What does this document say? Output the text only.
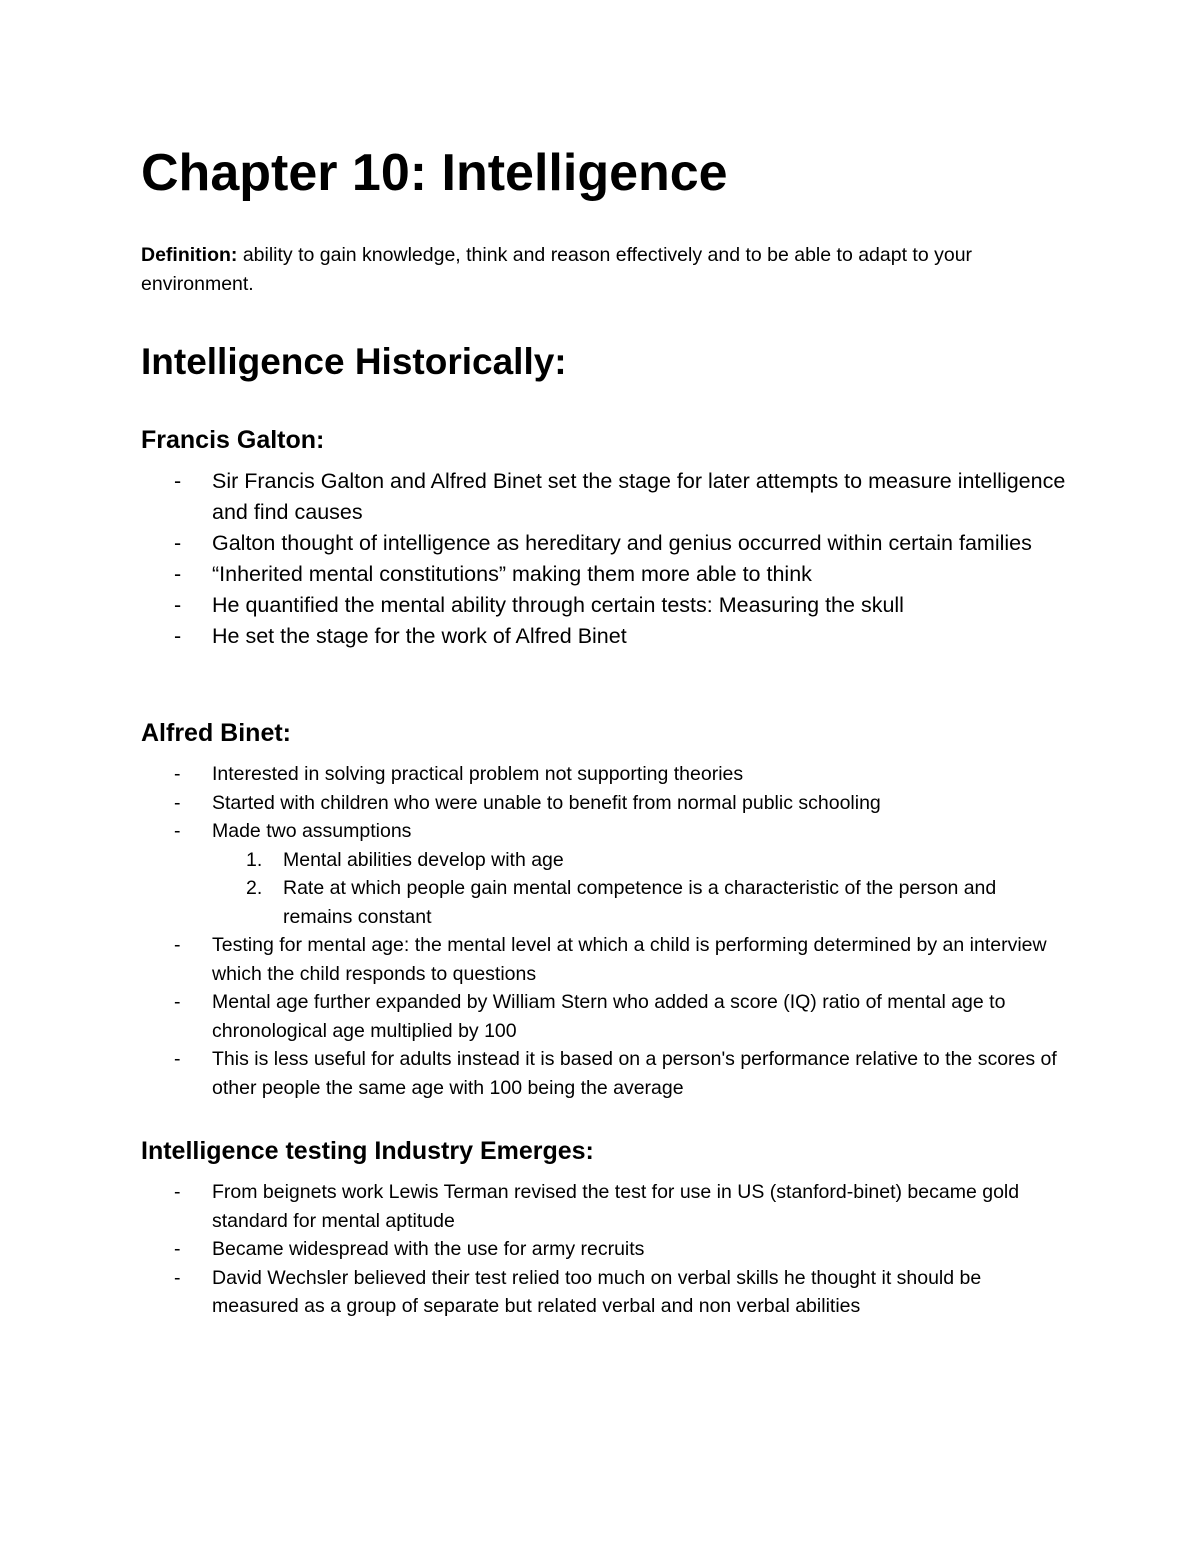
Chapter 10: Intelligence

Definition: ability to gain knowledge, think and reason effectively and to be able to adapt to your environment.

Intelligence Historically:
Francis Galton:
- Sir Francis Galton and Alfred Binet set the stage for later attempts to measure intelligence and find causes
- Galton thought of intelligence as hereditary and genius occurred within certain families
- “Inherited mental constitutions” making them more able to think
- He quantified the mental ability through certain tests: Measuring the skull
- He set the stage for the work of Alfred Binet
Alfred Binet:
- Interested in solving practical problem not supporting theories
- Started with children who were unable to benefit from normal public schooling
- Made two assumptions
1. Mental abilities develop with age
2. Rate at which people gain mental competence is a characteristic of the person and remains constant
- Testing for mental age: the mental level at which a child is performing determined by an interview which the child responds to questions
- Mental age further expanded by William Stern who added a score (IQ) ratio of mental age to chronological age multiplied by 100
- This is less useful for adults instead it is based on a person's performance relative to the scores of other people the same age with 100 being the average
Intelligence testing Industry Emerges:
- From beignets work Lewis Terman revised the test for use in US (stanford-binet) became gold standard for mental aptitude
- Became widespread with the use for army recruits
- David Wechsler believed their test relied too much on verbal skills he thought it should be measured as a group of separate but related verbal and non verbal abilities
